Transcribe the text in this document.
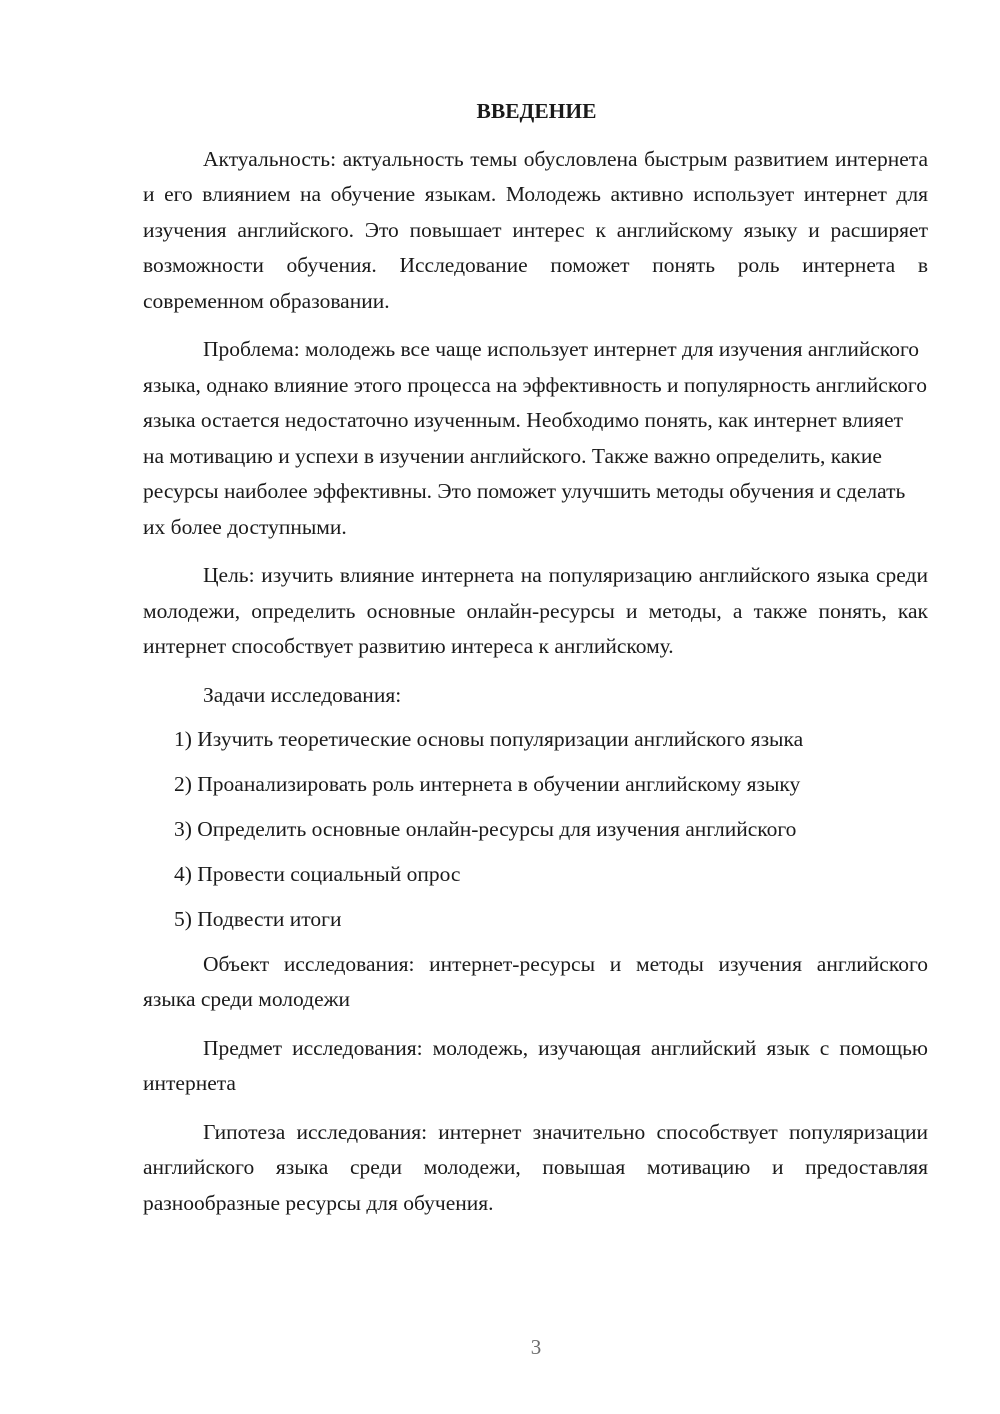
ВВЕДЕНИЕ

Актуальность: актуальность темы обусловлена быстрым развитием интернета и его влиянием на обучение языкам. Молодежь активно использует интернет для изучения английского. Это повышает интерес к английскому языку и расширяет возможности обучения. Исследование поможет понять роль интернета в современном образовании.

Проблема: молодежь все чаще использует интернет для изучения английского языка, однако влияние этого процесса на эффективность и популярность английского языка остается недостаточно изученным. Необходимо понять, как интернет влияет на мотивацию и успехи в изучении английского. Также важно определить, какие ресурсы наиболее эффективны. Это поможет улучшить методы обучения и сделать их более доступными.

Цель: изучить влияние интернета на популяризацию английского языка среди молодежи, определить основные онлайн-ресурсы и методы, а также понять, как интернет способствует развитию интереса к английскому.

Задачи исследования:

1) Изучить теоретические основы популяризации английского языка
2) Проанализировать роль интернета в обучении английскому языку
3) Определить основные онлайн-ресурсы для изучения английского
4) Провести социальный опрос
5) Подвести итоги

Объект исследования: интернет-ресурсы и методы изучения английского языка среди молодежи

Предмет исследования: молодежь, изучающая английский язык с помощью интернета

Гипотеза исследования: интернет значительно способствует популяризации английского языка среди молодежи, повышая мотивацию и предоставляя разнообразные ресурсы для обучения.

3
